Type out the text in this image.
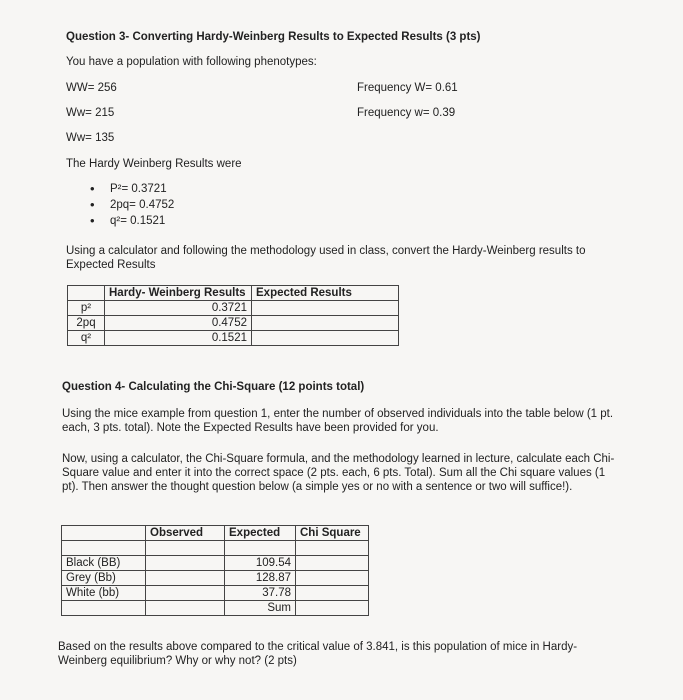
Question 3- Converting Hardy-Weinberg Results to Expected Results (3 pts)
You have a population with following phenotypes:
WW= 256
Ww= 215
Ww= 135
Frequency W= 0.61
Frequency w= 0.39
The Hardy Weinberg Results were
• P²= 0.3721
• 2pq= 0.4752
• q²= 0.1521
Using a calculator and following the methodology used in class, convert the Hardy-Weinberg results to Expected Results
	Hardy- Weinberg Results	Expected Results
p²	0.3721	
2pq	0.4752	
q²	0.1521	
Question 4- Calculating the Chi-Square (12 points total)
Using the mice example from question 1, enter the number of observed individuals into the table below (1 pt. each, 3 pts. total). Note the Expected Results have been provided for you.
Now, using a calculator, the Chi-Square formula, and the methodology learned in lecture, calculate each Chi-Square value and enter it into the correct space (2 pts. each, 6 pts. Total). Sum all the Chi square values (1 pt). Then answer the thought question below (a simple yes or no with a sentence or two will suffice!).
	Observed	Expected	Chi Square

Black (BB)		109.54	
Grey (Bb)		128.87	
White (bb)		37.78	
		Sum	
Based on the results above compared to the critical value of 3.841, is this population of mice in Hardy-Weinberg equilibrium? Why or why not? (2 pts)
